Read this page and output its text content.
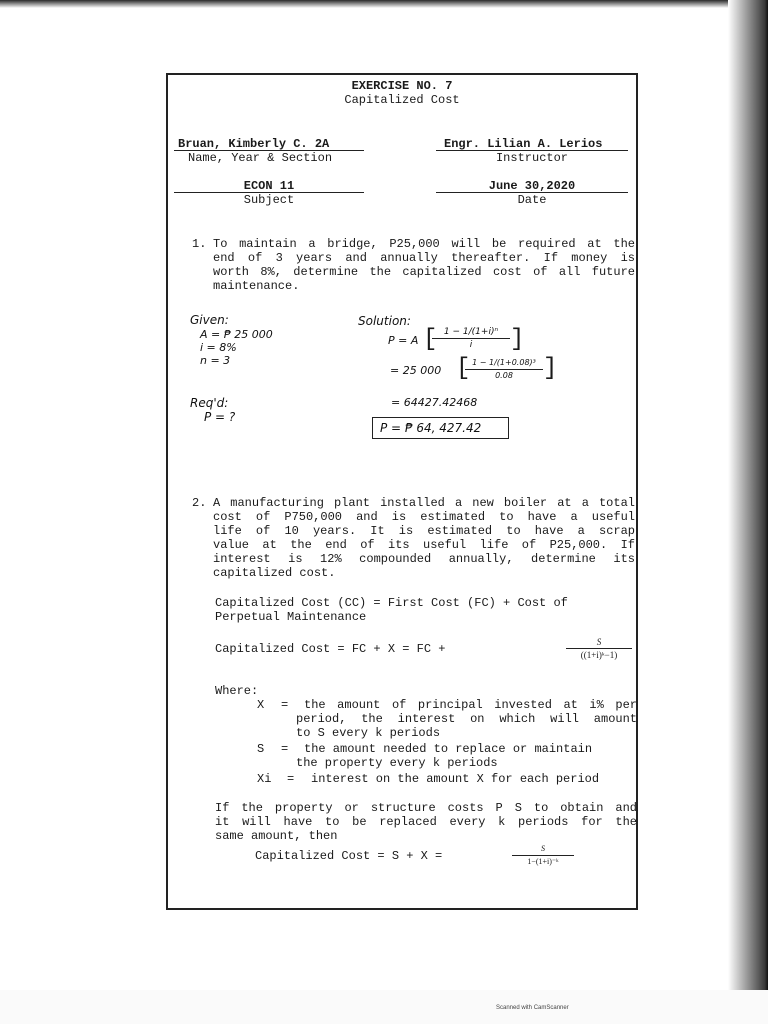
EXERCISE NO. 7
Capitalized Cost
Bruan, Kimberly C. 2A
Name, Year & Section
Engr. Lilian A. Lerios
Instructor
ECON 11
Subject
June 30,2020
Date
1. To maintain a bridge, P25,000 will be required at the
end of 3 years and annually thereafter. If money is
worth 8%, determine the capitalized cost of all future
maintenance.
Given:
A = ₱ 25 000
i = 8%
n = 3
Req'd:
P = ?
Solution:
P = A [
$\frac{\text{1 − 1/(1+i)ⁿ}}{i}$ ]
= 25 000 [
$\frac{\text{1 − 1/(1+0.08)³}}{0.08}$ ]
= 64427.42468
P = ₱ 64, 427.42
2. A manufacturing plant installed a new boiler at a total
cost of P750,000 and is estimated to have a useful
life of 10 years. It is estimated to have a scrap
value at the end of its useful life of P25,000. If
interest is 12% compounded annually, determine its
capitalized cost.
Capitalized Cost (CC) = First Cost (FC) + Cost of
Perpetual Maintenance
Capitalized Cost = FC + X = FC +	$\frac{S}{\text{((1+i)ᵏ−1)}}$
Where:
X = the amount of principal invested at i% per
period, the interest on which will amount
to S every k periods
S = the amount needed to replace or maintain
the property every k periods
Xi = interest on the amount X for each period
If the property or structure costs P S to obtain and
it will have to be replaced every k periods for the
same amount, then
Capitalized Cost = S + X =	$\frac{S}{\text{1−(1+i)⁻ᵏ}}$
Scanned with CamScanner
